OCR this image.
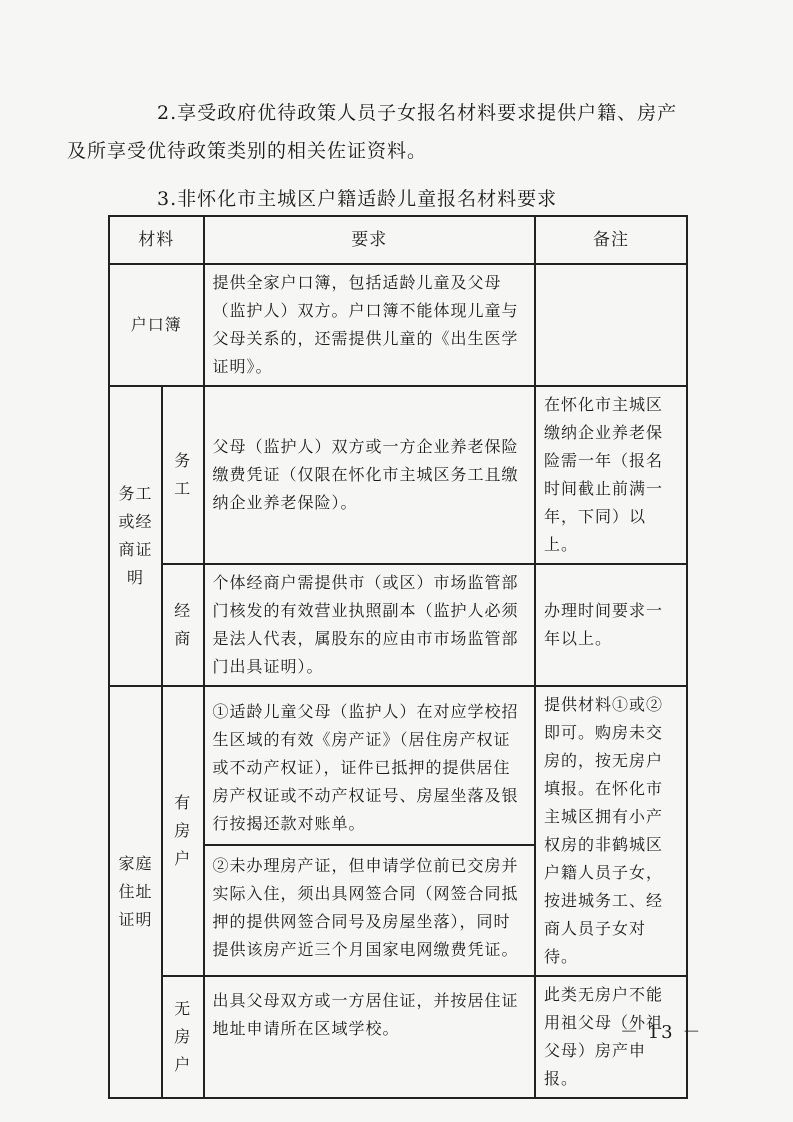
2.享受政府优待政策人员子女报名材料要求提供户籍、房产
及所享受优待政策类别的相关佐证资料。

3.非怀化市主城区户籍适龄儿童报名材料要求

材料		要求	备注
户口簿		提供全家户口簿，包括适龄儿童及父母（监护人）双方。户口簿不能体现儿童与父母关系的，还需提供儿童的《出生医学证明》。	
务工或经商证明	务工	父母（监护人）双方或一方企业养老保险缴费凭证（仅限在怀化市主城区务工且缴纳企业养老保险）。	在怀化市主城区缴纳企业养老保险需一年（报名时间截止前满一年，下同）以上。
	经商	个体经商户需提供市（或区）市场监管部门核发的有效营业执照副本（监护人必须是法人代表，属股东的应由市市场监管部门出具证明）。	办理时间要求一年以上。
家庭住址证明	有房户	①适龄儿童父母（监护人）在对应学校招生区域的有效《房产证》（居住房产权证或不动产权证），证件已抵押的提供居住房产权证或不动产权证号、房屋坐落及银行按揭还款对账单。
②未办理房产证，但申请学位前已交房并实际入住，须出具网签合同（网签合同抵押的提供网签合同号及房屋坐落），同时提供该房产近三个月国家电网缴费凭证。	提供材料①或②即可。购房未交房的，按无房户填报。在怀化市主城区拥有小产权房的非鹤城区户籍人员子女，按进城务工、经商人员子女对待。
	无房户	出具父母双方或一方居住证，并按居住证地址申请所在区域学校。	此类无房户不能用祖父母（外祖父母）房产申报。
－ 13 －
